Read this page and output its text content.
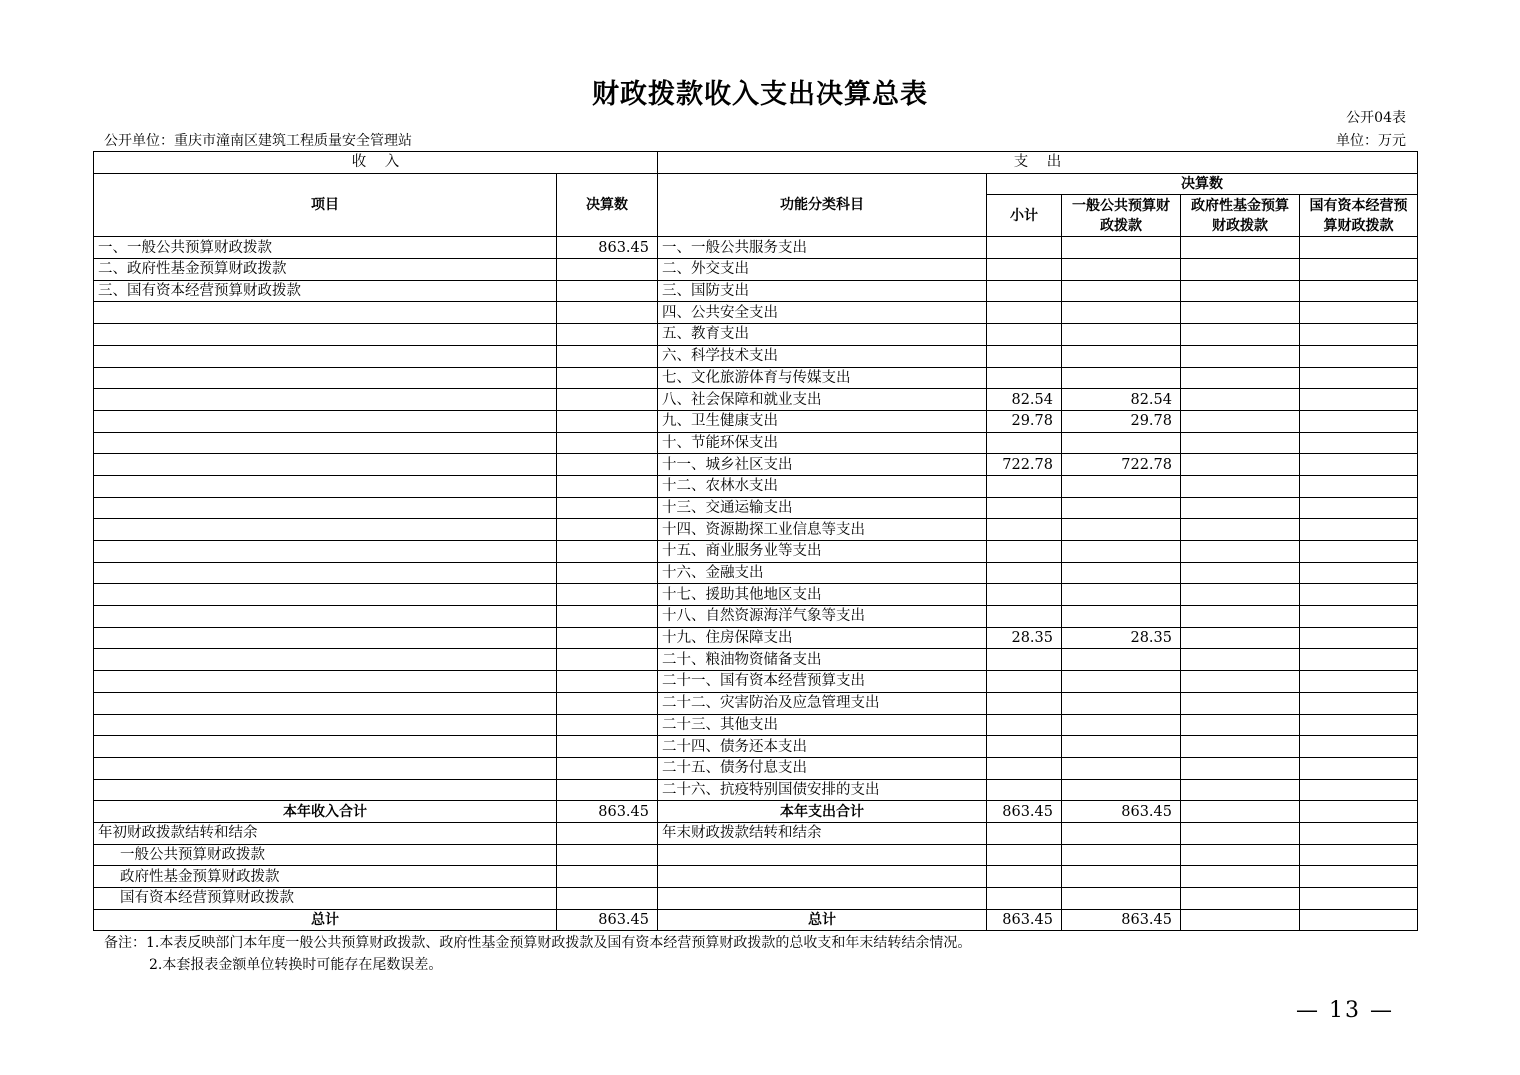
财政拨款收入支出决算总表
公开04表
公开单位：重庆市潼南区建筑工程质量安全管理站	单位：万元
收    入		支    出				
项目	决算数	功能分类科目	决算数			
			小计	一般公共预算财政拨款	政府性基金预算财政拨款	国有资本经营预算财政拨款
一、一般公共预算财政拨款	863.45	一、一般公共服务支出				
二、政府性基金预算财政拨款		二、外交支出				
三、国有资本经营预算财政拨款		三、国防支出				
		四、公共安全支出				
		五、教育支出				
		六、科学技术支出				
		七、文化旅游体育与传媒支出				
		八、社会保障和就业支出	82.54	82.54		
		九、卫生健康支出	29.78	29.78		
		十、节能环保支出				
		十一、城乡社区支出	722.78	722.78		
		十二、农林水支出				
		十三、交通运输支出				
		十四、资源勘探工业信息等支出				
		十五、商业服务业等支出				
		十六、金融支出				
		十七、援助其他地区支出				
		十八、自然资源海洋气象等支出				
		十九、住房保障支出	28.35	28.35		
		二十、粮油物资储备支出				
		二十一、国有资本经营预算支出				
		二十二、灾害防治及应急管理支出				
		二十三、其他支出				
		二十四、债务还本支出				
		二十五、债务付息支出				
		二十六、抗疫特别国债安排的支出				
本年收入合计	863.45	本年支出合计	863.45	863.45		
年初财政拨款结转和结余		年末财政拨款结转和结余				
一般公共预算财政拨款						
政府性基金预算财政拨款						
国有资本经营预算财政拨款						
总计	863.45	总计	863.45	863.45		
备注：1.本表反映部门本年度一般公共预算财政拨款、政府性基金预算财政拨款及国有资本经营预算财政拨款的总收支和年末结转结余情况。
2.本套报表金额单位转换时可能存在尾数误差。
— 13 —
